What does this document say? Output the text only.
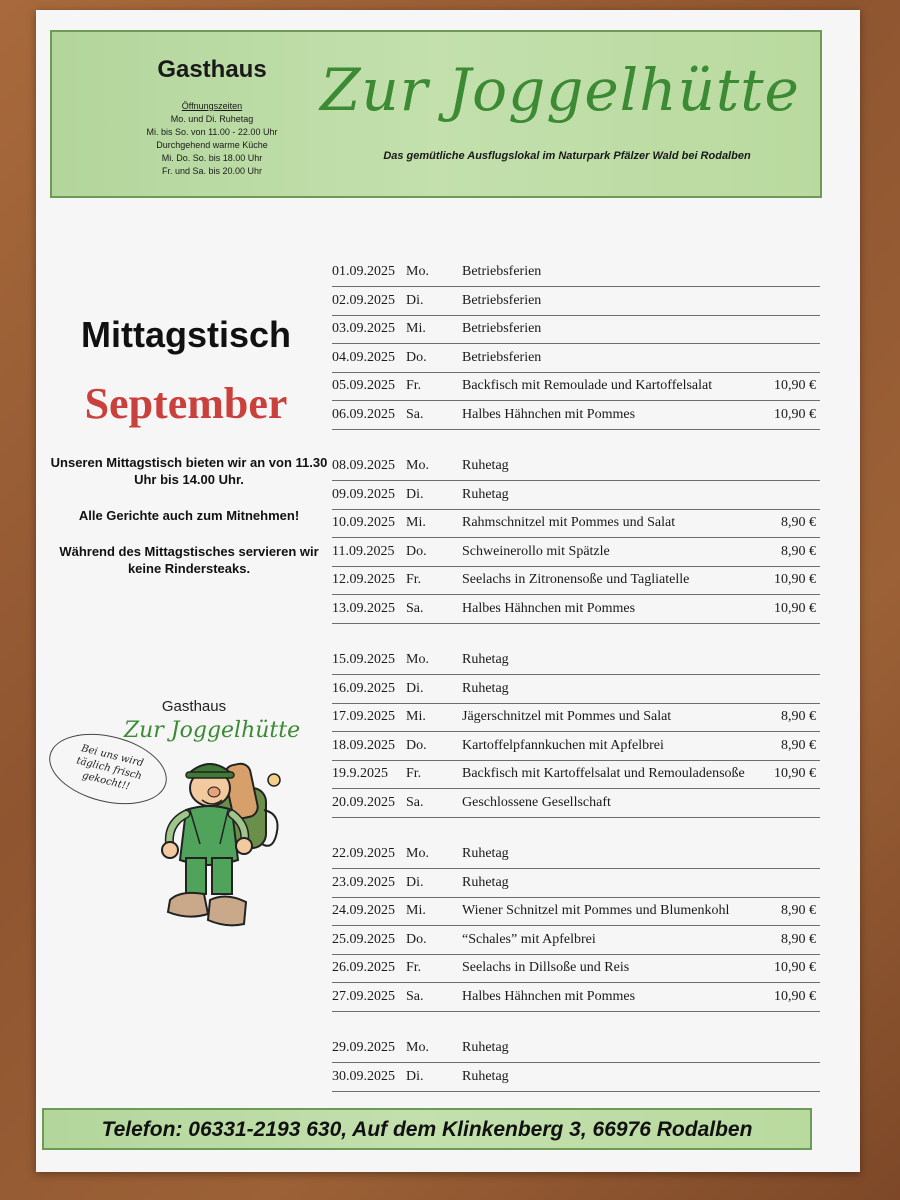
Gasthaus
Öffnungszeiten
Mo. und Di. Ruhetag
Mi. bis So. von 11.00 - 22.00 Uhr
Durchgehend warme Küche
Mi. Do. So. bis 18.00 Uhr
Fr. und Sa. bis 20.00 Uhr
Zur Joggelhütte
Das gemütliche Ausflugslokal im Naturpark Pfälzer Wald bei Rodalben
Mittagstisch
September

Unseren Mittagstisch bieten wir an von 11.30 Uhr bis 14.00 Uhr.

Alle Gerichte auch zum Mitnehmen!

Während des Mittagstisches servieren wir keine Rindersteaks.

Gasthaus
Zur Joggelhütte
Bei uns wird täglich frisch gekocht!!
01.09.2025 Mo. Betriebsferien
02.09.2025 Di.	Betriebsferien
03.09.2025 Mi.	Betriebsferien
04.09.2025 Do.	Betriebsferien
05.09.2025 Fr.	Backfisch mit Remoulade und Kartoffelsalat	10,90 €
06.09.2025 Sa.	Halbes Hähnchen mit Pommes	10,90 €
08.09.2025 Mo. Ruhetag
09.09.2025 Di.	Ruhetag
10.09.2025 Mi.	Rahmschnitzel mit Pommes und Salat	8,90 €
11.09.2025 Do.	Schweinerollo mit Spätzle	8,90 €
12.09.2025 Fr.	Seelachs in Zitronensoße und Tagliatelle	10,90 €
13.09.2025 Sa.	Halbes Hähnchen mit Pommes	10,90 €
15.09.2025 Mo. Ruhetag
16.09.2025 Di.	Ruhetag
17.09.2025 Mi.	Jägerschnitzel mit Pommes und Salat	8,90 €
18.09.2025 Do.	Kartoffelpfannkuchen mit Apfelbrei	8,90 €
19.9.2025 Fr.	Backfisch mit Kartoffelsalat und Remouladensoße 10,90 €
20.09.2025 Sa.	Geschlossene Gesellschaft
22.09.2025 Mo. Ruhetag
23.09.2025 Di.	Ruhetag
24.09.2025 Mi.	Wiener Schnitzel mit Pommes und Blumenkohl	8,90 €
25.09.2025 Do.	“Schales” mit Apfelbrei	8,90 €
26.09.2025 Fr.	Seelachs in Dillsoße und Reis	10,90 €
27.09.2025 Sa.	Halbes Hähnchen mit Pommes	10,90 €
29.09.2025 Mo. Ruhetag
30.09.2025 Di.	Ruhetag
Telefon: 06331-2193 630, Auf dem Klinkenberg 3, 66976 Rodalben
